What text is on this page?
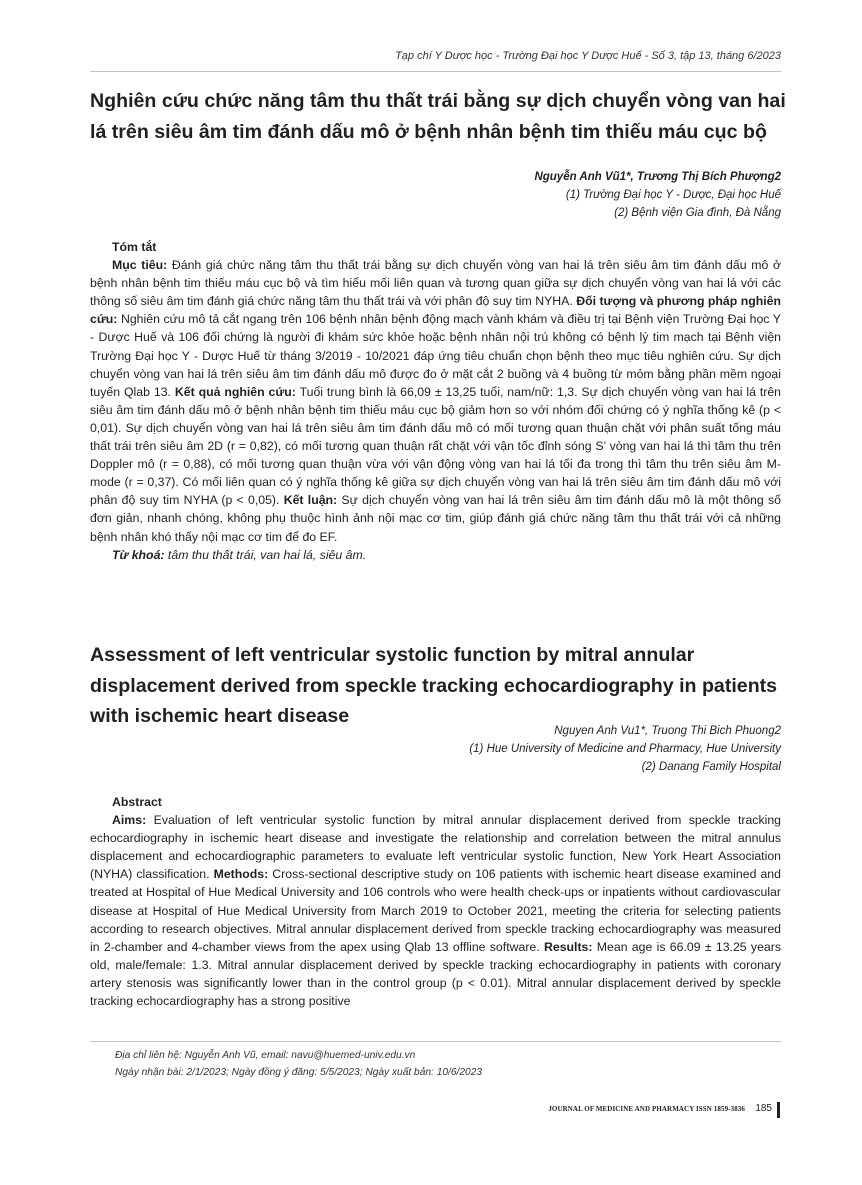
Tạp chí Y Dược học - Trường Đại học Y Dược Huế - Số 3, tập 13, tháng 6/2023
Nghiên cứu chức năng tâm thu thất trái bằng sự dịch chuyển vòng van hai lá trên siêu âm tim đánh dấu mô ở bệnh nhân bệnh tim thiếu máu cục bộ
Nguyễn Anh Vũ1*, Trương Thị Bích Phượng2
(1) Trường Đại học Y - Dược, Đại học Huế
(2) Bệnh viện Gia đình, Đà Nẵng

Tóm tắt

Mục tiêu: Đánh giá chức năng tâm thu thất trái bằng sự dịch chuyển vòng van hai lá trên siêu âm tim đánh dấu mô ở bệnh nhân bệnh tim thiếu máu cục bộ và tìm hiểu mối liên quan và tương quan giữa sự dịch chuyển vòng van hai lá với các thông số siêu âm tim đánh giá chức năng tâm thu thất trái và với phân độ suy tim NYHA. Đối tượng và phương pháp nghiên cứu: Nghiên cứu mô tả cắt ngang trên 106 bệnh nhân bệnh động mạch vành khám và điều trị tại Bệnh viện Trường Đại học Y - Dược Huế và 106 đối chứng là người đi khám sức khỏe hoặc bệnh nhân nội trú không có bệnh lý tim mạch tại Bệnh viện Trường Đại học Y - Dược Huế từ tháng 3/2019 - 10/2021 đáp ứng tiêu chuẩn chọn bệnh theo mục tiêu nghiên cứu. Sự dịch chuyển vòng van hai lá trên siêu âm tim đánh dấu mô được đo ở mặt cắt 2 buồng và 4 buồng từ mỏm bằng phần mềm ngoại tuyến Qlab 13. Kết quả nghiên cứu: Tuổi trung bình là 66,09 ± 13,25 tuổi, nam/nữ: 1,3. Sự dịch chuyển vòng van hai lá trên siêu âm tim đánh dấu mô ở bệnh nhân bệnh tim thiếu máu cục bộ giảm hơn so với nhóm đối chứng có ý nghĩa thống kê (p < 0,01). Sự dịch chuyển vòng van hai lá trên siêu âm tim đánh dấu mô có mối tương quan thuận chặt với phân suất tống máu thất trái trên siêu âm 2D (r = 0,82), có mối tương quan thuận rất chặt với vận tốc đỉnh sóng S’ vòng van hai lá thì tâm thu trên Doppler mô (r = 0,88), có mối tương quan thuận vừa với vận động vòng van hai lá tối đa trong thì tâm thu trên siêu âm M-mode (r = 0,37). Có mối liên quan có ý nghĩa thống kê giữa sự dịch chuyển vòng van hai lá trên siêu âm tim đánh dấu mô với phân độ suy tim NYHA (p < 0,05). Kết luận: Sự dịch chuyển vòng van hai lá trên siêu âm tim đánh dấu mô là một thông số đơn giản, nhanh chóng, không phụ thuộc hình ảnh nội mạc cơ tim, giúp đánh giá chức năng tâm thu thất trái với cả những bệnh nhân khó thấy nội mạc cơ tim để đo EF.

Từ khoá: tâm thu thất trái, van hai lá, siêu âm.

Assessment of left ventricular systolic function by mitral annular displacement derived from speckle tracking echocardiography in patients with ischemic heart disease
Nguyen Anh Vu1*, Truong Thi Bich Phuong2
(1) Hue University of Medicine and Pharmacy, Hue University
(2) Danang Family Hospital

Abstract

Aims: Evaluation of left ventricular systolic function by mitral annular displacement derived from speckle tracking echocardiography in ischemic heart disease and investigate the relationship and correlation between the mitral annulus displacement and echocardiographic parameters to evaluate left ventricular systolic function, New York Heart Association (NYHA) classification. Methods: Cross-sectional descriptive study on 106 patients with ischemic heart disease examined and treated at Hospital of Hue Medical University and 106 controls who were health check-ups or inpatients without cardiovascular disease at Hospital of Hue Medical University from March 2019 to October 2021, meeting the criteria for selecting patients according to research objectives. Mitral annular displacement derived from speckle tracking echocardiography was measured in 2-chamber and 4-chamber views from the apex using Qlab 13 offline software. Results: Mean age is 66.09 ± 13.25 years old, male/female: 1.3. Mitral annular displacement derived by speckle tracking echocardiography in patients with coronary artery stenosis was significantly lower than in the control group (p < 0.01). Mitral annular displacement derived by speckle tracking echocardiography has a strong positive

Địa chỉ liên hệ: Nguyễn Anh Vũ, email: navu@huemed-univ.edu.vn

Ngày nhận bài: 2/1/2023; Ngày đồng ý đăng: 5/5/2023; Ngày xuất bản: 10/6/2023

JOURNAL OF MEDICINE AND PHARMACY ISSN 1859-3836	185
